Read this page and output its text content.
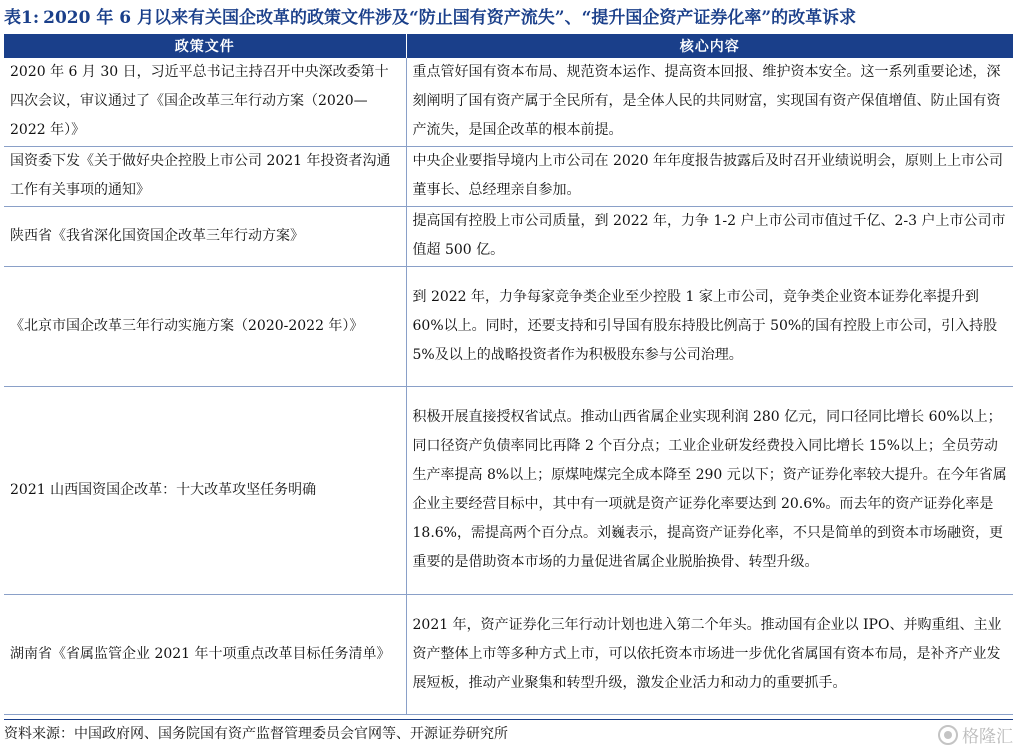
表1: 2020 年 6 月以来有关国企改革的政策文件涉及“防止国有资产流失”、“提升国企资产证券化率”的改革诉求
政策文件	核心内容
2020 年 6 月 30 日，习近平总书记主持召开中央深改委第十四次会议，审议通过了《国企改革三年行动方案（2020—2022 年）》	重点管好国有资本布局、规范资本运作、提高资本回报、维护资本安全。这一系列重要论述，深刻阐明了国有资产属于全民所有，是全体人民的共同财富，实现国有资产保值增值、防止国有资产流失，是国企改革的根本前提。
国资委下发《关于做好央企控股上市公司 2021 年投资者沟通工作有关事项的通知》	中央企业要指导境内上市公司在 2020 年年度报告披露后及时召开业绩说明会，原则上上市公司董事长、总经理亲自参加。
陕西省《我省深化国资国企改革三年行动方案》	提高国有控股上市公司质量，到 2022 年，力争 1-2 户上市公司市值过千亿、2-3 户上市公司市值超 500 亿。
《北京市国企改革三年行动实施方案（2020-2022 年）》	到 2022 年，力争每家竞争类企业至少控股 1 家上市公司，竞争类企业资本证券化率提升到 60%以上。同时，还要支持和引导国有股东持股比例高于 50%的国有控股上市公司，引入持股 5%及以上的战略投资者作为积极股东参与公司治理。
2021 山西国资国企改革：十大改革攻坚任务明确	积极开展直接授权省试点。推动山西省属企业实现利润 280 亿元，同口径同比增长 60%以上；同口径资产负债率同比再降 2 个百分点；工业企业研发经费投入同比增长 15%以上；全员劳动生产率提高 8%以上；原煤吨煤完全成本降至 290 元以下；资产证券化率较大提升。在今年省属企业主要经营目标中，其中有一项就是资产证券化率要达到 20.6%。而去年的资产证券化率是 18.6%，需提高两个百分点。刘巍表示，提高资产证券化率，不只是简单的到资本市场融资，更重要的是借助资本市场的力量促进省属企业脱胎换骨、转型升级。
湖南省《省属监管企业 2021 年十项重点改革目标任务清单》	2021 年，资产证券化三年行动计划也进入第二个年头。推动国有企业以 IPO、并购重组、主业资产整体上市等多种方式上市，可以依托资本市场进一步优化省属国有资本布局，是补齐产业发展短板，推动产业聚集和转型升级，激发企业活力和动力的重要抓手。
资料来源：中国政府网、国务院国有资产监督管理委员会官网等、开源证券研究所	格隆汇
